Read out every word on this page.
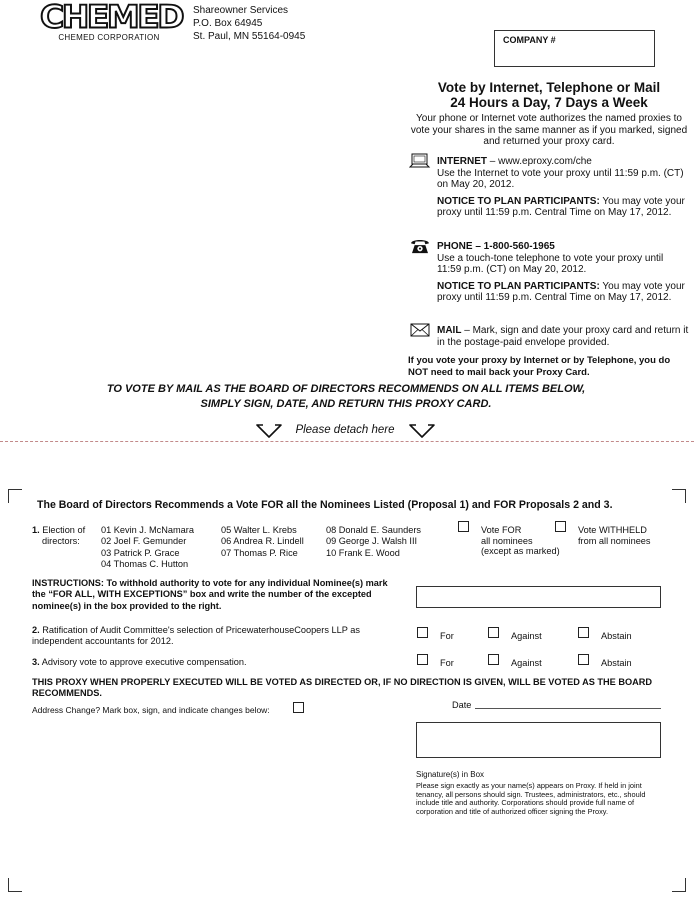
CHEMED
CHEMED CORPORATION
Shareowner Services
P.O. Box 64945
St. Paul, MN 55164-0945	COMPANY #
Vote by Internet, Telephone or Mail
24 Hours a Day, 7 Days a Week
Your phone or Internet vote authorizes the named proxies to vote your shares in the same manner as if you marked, signed and returned your proxy card.
INTERNET – www.eproxy.com/che
Use the Internet to vote your proxy until 11:59 p.m. (CT) on May 20, 2012.
NOTICE TO PLAN PARTICIPANTS: You may vote your proxy until 11:59 p.m. Central Time on May 17, 2012.
PHONE – 1-800-560-1965
Use a touch-tone telephone to vote your proxy until 11:59 p.m. (CT) on May 20, 2012.
NOTICE TO PLAN PARTICIPANTS: You may vote your proxy until 11:59 p.m. Central Time on May 17, 2012.
MAIL – Mark, sign and date your proxy card and return it in the postage-paid envelope provided.
If you vote your proxy by Internet or by Telephone, you do NOT need to mail back your Proxy Card.
TO VOTE BY MAIL AS THE BOARD OF DIRECTORS RECOMMENDS ON ALL ITEMS BELOW,
SIMPLY SIGN, DATE, AND RETURN THIS PROXY CARD.
Please detach here
The Board of Directors Recommends a Vote FOR all the Nominees Listed (Proposal 1) and FOR Proposals 2 and 3.
1. Election of
directors:
01 Kevin J. McNamara
02 Joel F. Gemunder
03 Patrick P. Grace
04 Thomas C. Hutton
05 Walter L. Krebs
06 Andrea R. Lindell
07 Thomas P. Rice
08 Donald E. Saunders
09 George J. Walsh III
10 Frank E. Wood
Vote FOR
all nominees
(except as marked)
Vote WITHHELD
from all nominees
INSTRUCTIONS: To withhold authority to vote for any individual Nominee(s) mark the “FOR ALL, WITH EXCEPTIONS” box and write the number of the excepted nominee(s) in the box provided to the right.
2. Ratification of Audit Committee's selection of PricewaterhouseCoopers LLP as independent accountants for 2012.	For	Against	Abstain
3. Advisory vote to approve executive compensation.	For	Against	Abstain
THIS PROXY WHEN PROPERLY EXECUTED WILL BE VOTED AS DIRECTED OR, IF NO DIRECTION IS GIVEN, WILL BE VOTED AS THE BOARD RECOMMENDS.
Address Change? Mark box, sign, and indicate changes below:	Date
Signature(s) in Box
Please sign exactly as your name(s) appears on Proxy. If held in joint tenancy, all persons should sign. Trustees, administrators, etc., should include title and authority. Corporations should provide full name of corporation and title of authorized officer signing the Proxy.
